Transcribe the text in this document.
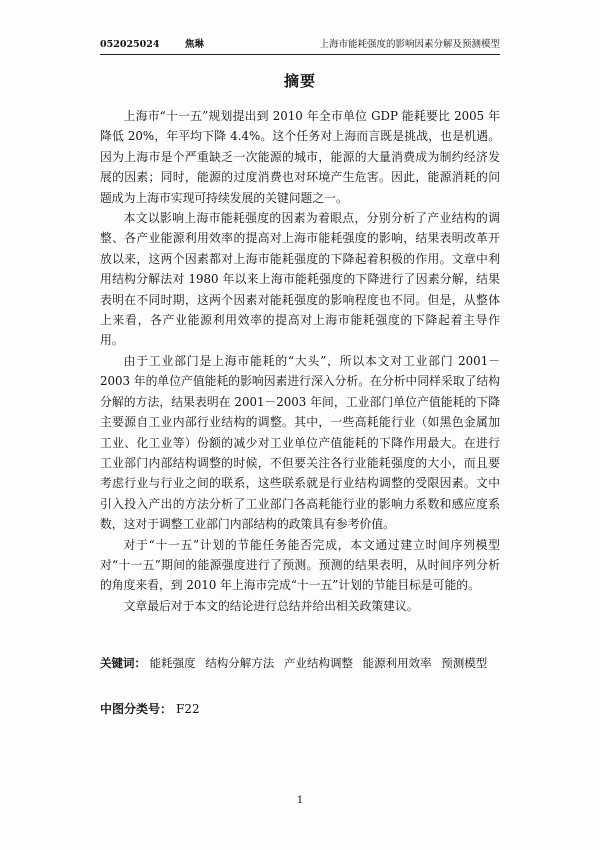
052025024	焦琳	上海市能耗强度的影响因素分解及预测模型
摘要

上海市“十一五”规划提出到 2010 年全市单位 GDP 能耗要比 2005 年降低 20%，年平均下降 4.4%。这个任务对上海而言既是挑战，也是机遇。因为上海市是个严重缺乏一次能源的城市，能源的大量消费成为制约经济发展的因素；同时，能源的过度消费也对环境产生危害。因此，能源消耗的问题成为上海市实现可持续发展的关键问题之一。

本文以影响上海市能耗强度的因素为着眼点，分别分析了产业结构的调整、各产业能源利用效率的提高对上海市能耗强度的影响，结果表明改革开放以来，这两个因素都对上海市能耗强度的下降起着积极的作用。文章中利用结构分解法对 1980 年以来上海市能耗强度的下降进行了因素分解，结果表明在不同时期，这两个因素对能耗强度的影响程度也不同。但是，从整体上来看，各产业能源利用效率的提高对上海市能耗强度的下降起着主导作用。

由于工业部门是上海市能耗的“大头”，所以本文对工业部门 2001－2003 年的单位产值能耗的影响因素进行深入分析。在分析中同样采取了结构分解的方法，结果表明在 2001－2003 年间，工业部门单位产值能耗的下降主要源自工业内部行业结构的调整。其中，一些高耗能行业（如黑色金属加工业、化工业等）份额的减少对工业单位产值能耗的下降作用最大。在进行工业部门内部结构调整的时候，不但要关注各行业能耗强度的大小，而且要考虑行业与行业之间的联系，这些联系就是行业结构调整的受限因素。文中引入投入产出的方法分析了工业部门各高耗能行业的影响力系数和感应度系数，这对于调整工业部门内部结构的政策具有参考价值。

对于“十一五”计划的节能任务能否完成，本文通过建立时间序列模型对“十一五”期间的能源强度进行了预测。预测的结果表明，从时间序列分析的角度来看，到 2010 年上海市完成“十一五”计划的节能目标是可能的。

文章最后对于本文的结论进行总结并给出相关政策建议。

关键词： 能耗强度 结构分解方法 产业结构调整 能源利用效率 预测模型
中图分类号： F22
1
